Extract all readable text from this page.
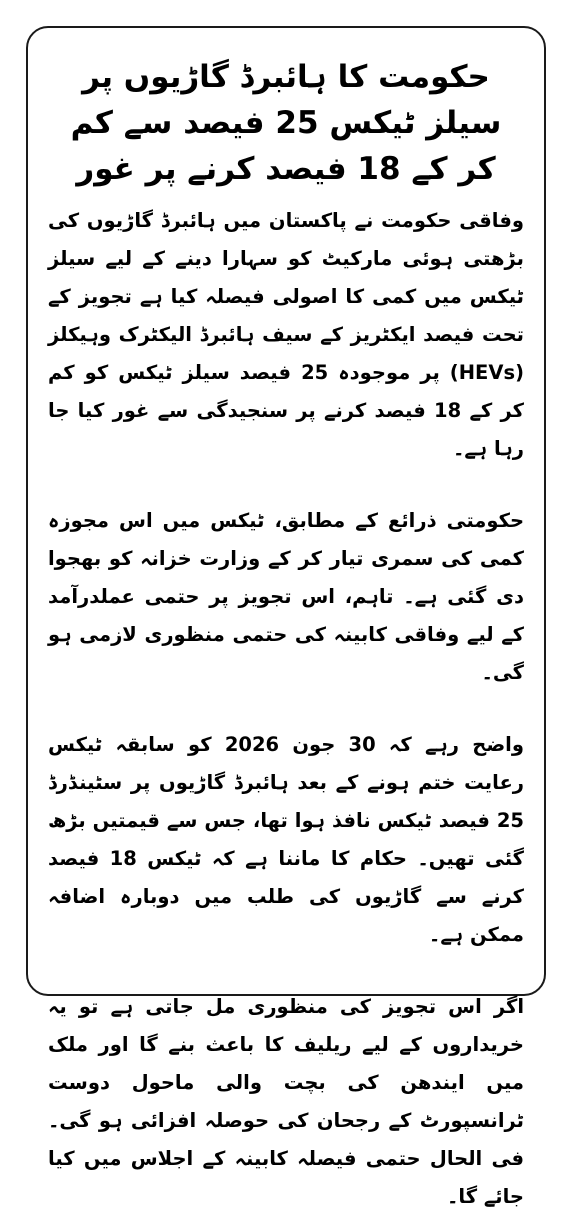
حکومت کا ہائبرڈ گاڑیوں پر سیلز ٹیکس 25 فیصد سے کم کر کے 18 فیصد کرنے پر غور

وفاقی حکومت نے پاکستان میں ہائبرڈ گاڑیوں کی بڑھتی ہوئی مارکیٹ کو سہارا دینے کے لیے سیلز ٹیکس میں کمی کا اصولی فیصلہ کیا ہے تجویز کے تحت فیصد ایکٹریز کے سیف ہائبرڈ الیکٹرک وہیکلز (HEVs) پر موجودہ 25 فیصد سیلز ٹیکس کو کم کر کے 18 فیصد کرنے پر سنجیدگی سے غور کیا جا رہا ہے۔

حکومتی ذرائع کے مطابق، ٹیکس میں اس مجوزہ کمی کی سمری تیار کر کے وزارت خزانہ کو بھجوا دی گئی ہے۔ تاہم، اس تجویز پر حتمی عملدرآمد کے لیے وفاقی کابینہ کی حتمی منظوری لازمی ہو گی۔

واضح رہے کہ 30 جون 2026 کو سابقہ ٹیکس رعایت ختم ہونے کے بعد ہائبرڈ گاڑیوں پر سٹینڈرڈ 25 فیصد ٹیکس نافذ ہوا تھا، جس سے قیمتیں بڑھ گئی تھیں۔ حکام کا ماننا ہے کہ ٹیکس 18 فیصد کرنے سے گاڑیوں کی طلب میں دوبارہ اضافہ ممکن ہے۔

اگر اس تجویز کی منظوری مل جاتی ہے تو یہ خریداروں کے لیے ریلیف کا باعث بنے گا اور ملک میں ایندھن کی بچت والی ماحول دوست ٹرانسپورٹ کے رجحان کی حوصلہ افزائی ہو گی۔ فی الحال حتمی فیصلہ کابینہ کے اجلاس میں کیا جائے گا۔
